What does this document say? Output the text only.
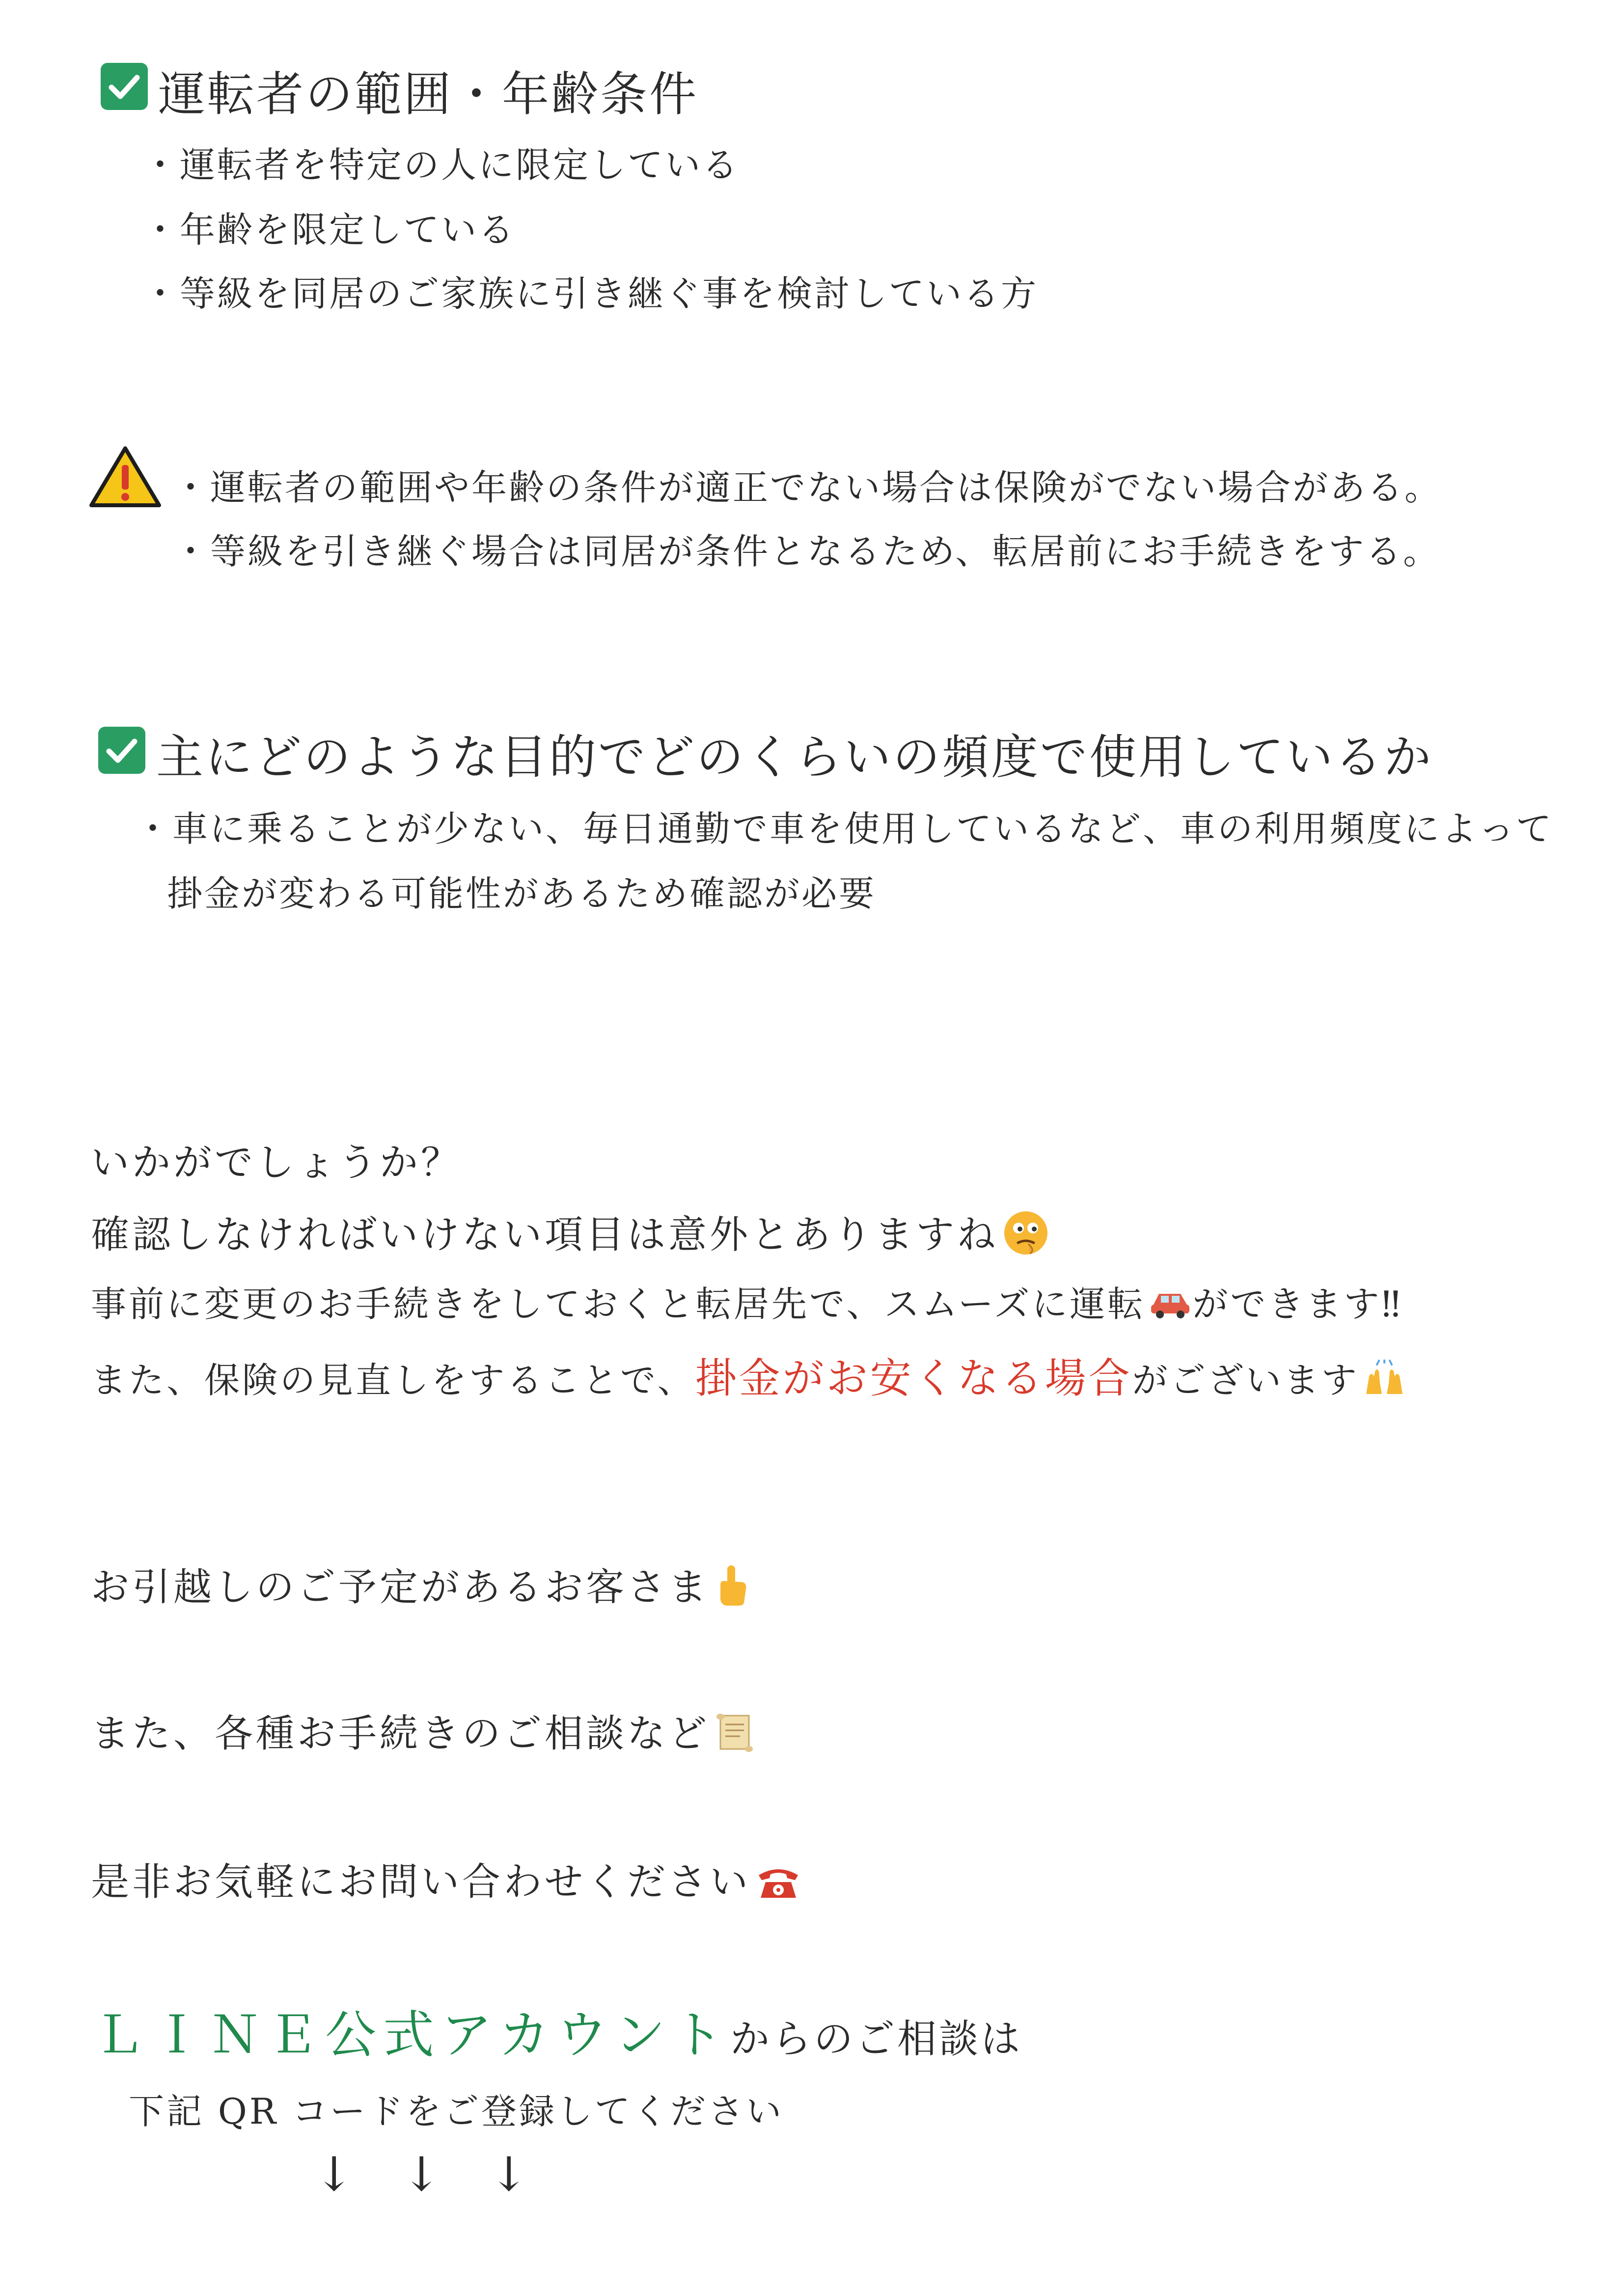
運転者の範囲・年齢条件
・運転者を特定の人に限定している
・年齢を限定している
・等級を同居のご家族に引き継ぐ事を検討している方
・運転者の範囲や年齢の条件が適正でない場合は保険がでない場合がある。
・等級を引き継ぐ場合は同居が条件となるため、転居前にお手続きをする。
主にどのような目的でどのくらいの頻度で使用しているか
・車に乗ることが少ない、毎日通勤で車を使用しているなど、車の利用頻度によって
掛金が変わる可能性があるため確認が必要
いかがでしょうか？
確認しなければいけない項目は意外とありますね
事前に変更のお手続きをしておくと転居先で、スムーズに運転 ができます‼
また、保険の見直しをすることで、掛金がお安くなる場合がございます
お引越しのご予定があるお客さま
また、各種お手続きのご相談など
是非お気軽にお問い合わせください
ＬＩＮＥ公式アカウントからのご相談は
下記 QR コードをご登録してください
↓ ↓ ↓
